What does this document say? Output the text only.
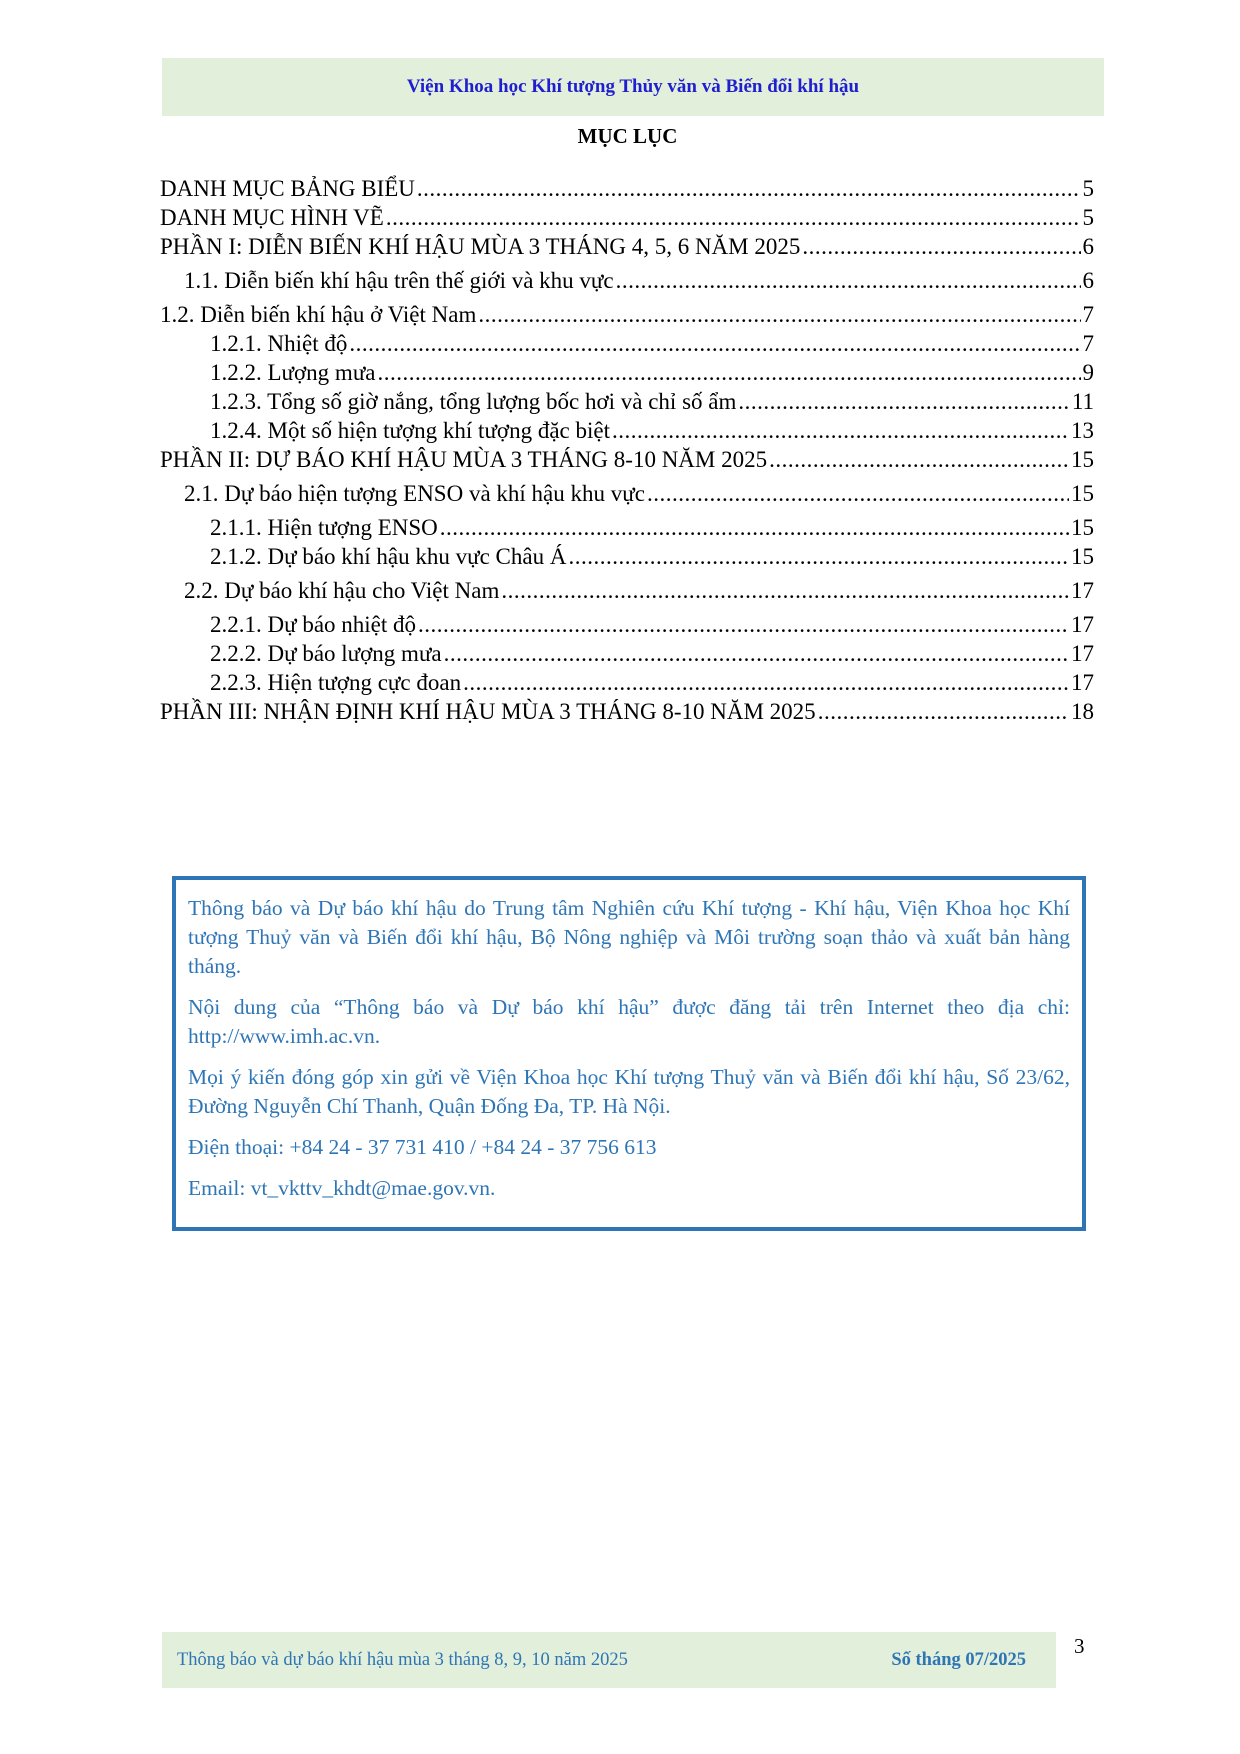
Viện Khoa học Khí tượng Thủy văn và Biến đổi khí hậu
MỤC LỤC
DANH MỤC BẢNG BIỂU .....	5
DANH MỤC HÌNH VẼ .....	5
PHẦN I: DIỄN BIẾN KHÍ HẬU MÙA 3 THÁNG 4, 5, 6 NĂM 2025 .....	6
1.1. Diễn biến khí hậu trên thế giới và khu vực .....	6
1.2. Diễn biến khí hậu ở Việt Nam .....	7
1.2.1. Nhiệt độ .....	7
1.2.2. Lượng mưa .....	9
1.2.3. Tổng số giờ nắng, tổng lượng bốc hơi và chỉ số ẩm .....	11
1.2.4. Một số hiện tượng khí tượng đặc biệt .....	13
PHẦN II: DỰ BÁO KHÍ HẬU MÙA 3 THÁNG 8-10 NĂM 2025 .....	15
2.1. Dự báo hiện tượng ENSO và khí hậu khu vực .....	15
2.1.1. Hiện tượng ENSO .....	15
2.1.2. Dự báo khí hậu khu vực Châu Á .....	15
2.2. Dự báo khí hậu cho Việt Nam .....	17
2.2.1. Dự báo nhiệt độ .....	17
2.2.2. Dự báo lượng mưa .....	17
2.2.3. Hiện tượng cực đoan .....	17
PHẦN III: NHẬN ĐỊNH KHÍ HẬU MÙA 3 THÁNG 8-10 NĂM 2025 .....	18

Thông báo và Dự báo khí hậu do Trung tâm Nghiên cứu Khí tượng - Khí hậu, Viện Khoa học Khí tượng Thuỷ văn và Biến đổi khí hậu, Bộ Nông nghiệp và Môi trường soạn thảo và xuất bản hàng tháng.

Nội dung của “Thông báo và Dự báo khí hậu” được đăng tải trên Internet theo địa chỉ: http://www.imh.ac.vn.

Mọi ý kiến đóng góp xin gửi về Viện Khoa học Khí tượng Thuỷ văn và Biến đổi khí hậu, Số 23/62, Đường Nguyễn Chí Thanh, Quận Đống Đa, TP. Hà Nội.

Điện thoại: +84 24 - 37 731 410 / +84 24 - 37 756 613

Email: vt_vkttv_khdt@mae.gov.vn.

Thông báo và dự báo khí hậu mùa 3 tháng 8, 9, 10 năm 2025	Số tháng 07/2025
3
